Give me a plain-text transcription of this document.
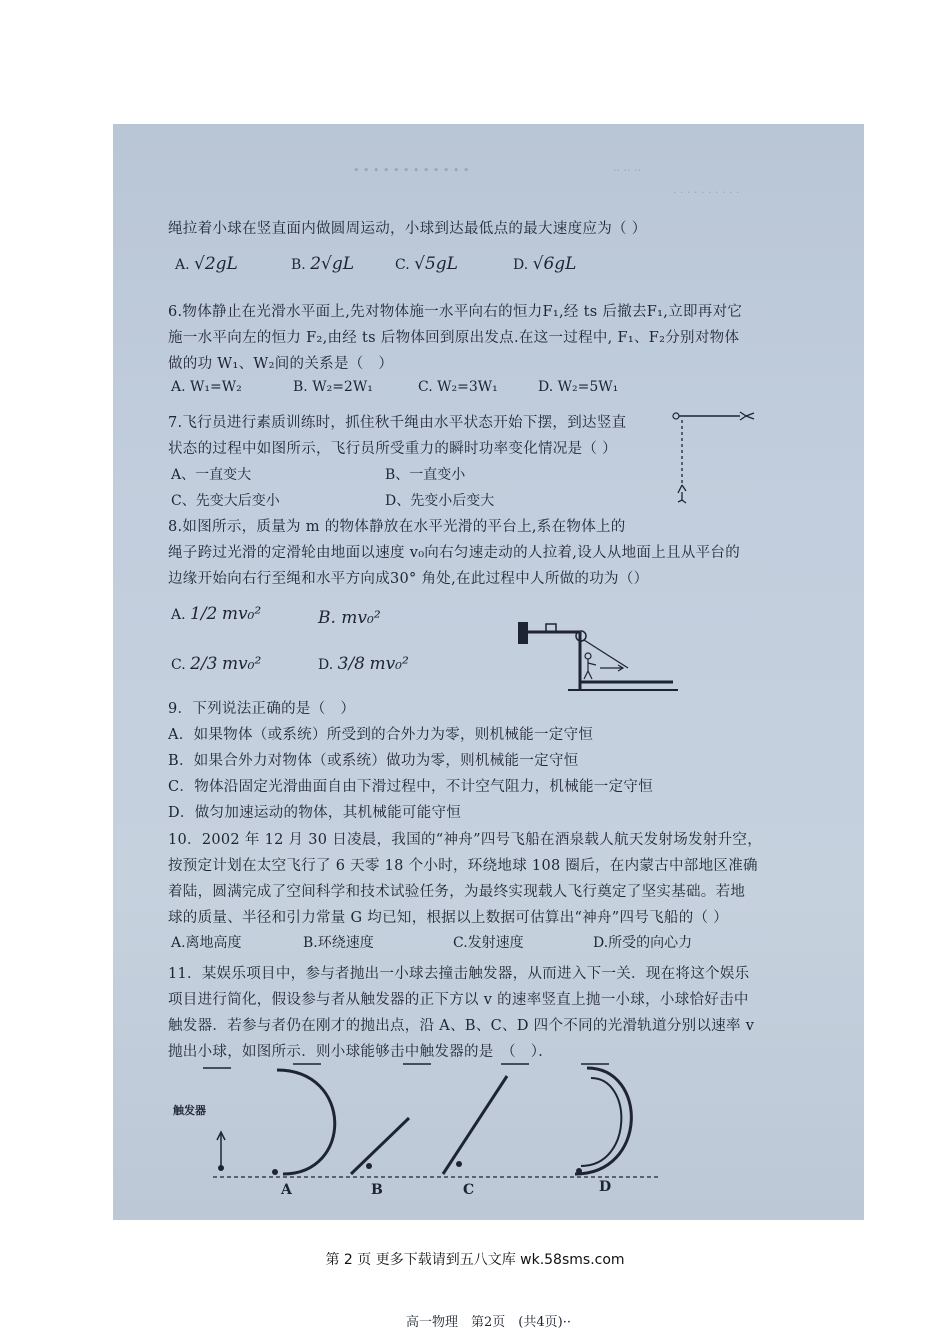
• • • • • • • • • • • •	·· ·· ··
· · · · · · · · · ·
绳拉着小球在竖直面内做圆周运动，小球到达最低点的最大速度应为（ ）
A. √2gL	B. 2√gL	C. √5gL	D. √6gL
6.物体静止在光滑水平面上,先对物体施一水平向右的恒力F₁,经 ts 后撤去F₁,立即再对它
施一水平向左的恒力 F₂,由经 ts 后物体回到原出发点.在这一过程中, F₁、F₂分别对物体
做的功 W₁、W₂间的关系是（　）
A. W₁=W₂	B. W₂=2W₁	C. W₂=3W₁	D. W₂=5W₁
7.飞行员进行素质训练时，抓住秋千绳由水平状态开始下摆，到达竖直
状态的过程中如图所示，飞行员所受重力的瞬时功率变化情况是（ ）
A、一直变大	B、一直变小
C、先变大后变小	D、先变小后变大
8.如图所示，质量为 m 的物体静放在水平光滑的平台上,系在物体上的
绳子跨过光滑的定滑轮由地面以速度 v₀向右匀速走动的人拉着,设人从地面上且从平台的
边缘开始向右行至绳和水平方向成30° 角处,在此过程中人所做的功为（）
A. 1/2 mv₀²	B. mv₀²
C. 2/3 mv₀²	D. 3/8 mv₀²
9．下列说法正确的是（　）
A．如果物体（或系统）所受到的合外力为零，则机械能一定守恒
B．如果合外力对物体（或系统）做功为零，则机械能一定守恒
C．物体沿固定光滑曲面自由下滑过程中，不计空气阻力，机械能一定守恒
D．做匀加速运动的物体，其机械能可能守恒
10．2002 年 12 月 30 日凌晨，我国的“神舟”四号飞船在酒泉载人航天发射场发射升空，
按预定计划在太空飞行了 6 天零 18 个小时，环绕地球 108 圈后，在内蒙古中部地区准确
着陆，圆满完成了空间科学和技术试验任务，为最终实现载人飞行奠定了坚实基础。若地
球的质量、半径和引力常量 G 均已知，根据以上数据可估算出“神舟”四号飞船的（ ）
A.离地高度	B.环绕速度	C.发射速度	D.所受的向心力
11．某娱乐项目中，参与者抛出一小球去撞击触发器，从而进入下一关．现在将这个娱乐
项目进行简化，假设参与者从触发器的正下方以 v 的速率竖直上抛一小球，小球恰好击中
触发器．若参与者仍在刚才的抛出点，沿 A、B、C、D 四个不同的光滑轨道分别以速率 v
抛出小球，如图所示．则小球能够击中触发器的是　（　）．
触发器
A	B	C	D
高一物理　第2页　(共4页)··
第 2 页 更多下载请到五八文库 wk.58sms.com
